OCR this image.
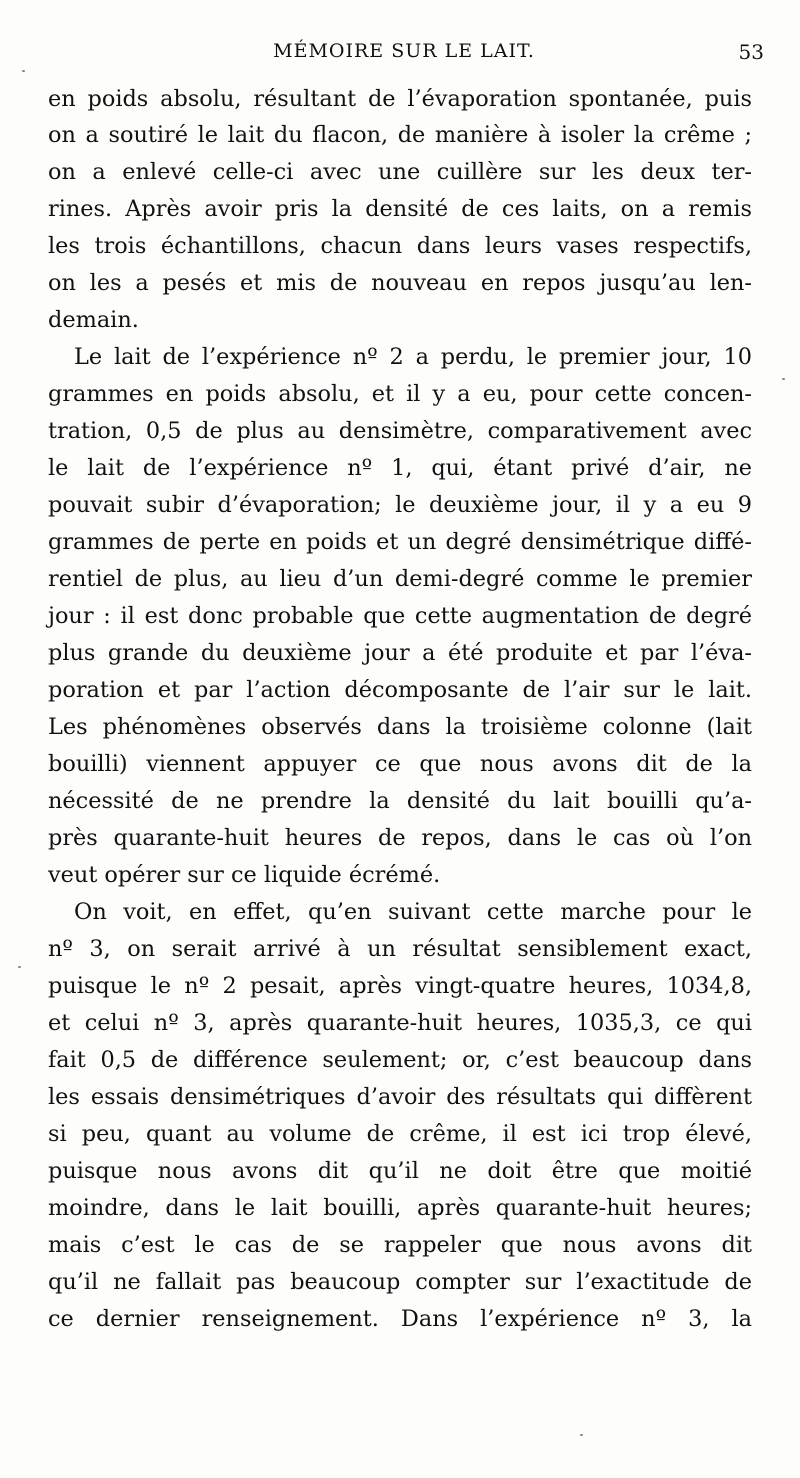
MÉMOIRE SUR LE LAIT.	53
en poids absolu, résultant de l’évaporation spontanée, puis
on a soutiré le lait du flacon, de manière à isoler la crême ;
on a enlevé celle-ci avec une cuillère sur les deux ter-
rines. Après avoir pris la densité de ces laits, on a remis
les trois échantillons, chacun dans leurs vases respectifs,
on les a pesés et mis de nouveau en repos jusqu’au len-
demain.
Le lait de l’expérience nº 2 a perdu, le premier jour, 10
grammes en poids absolu, et il y a eu, pour cette concen-
tration, 0,5 de plus au densimètre, comparativement avec
le lait de l’expérience nº 1, qui, étant privé d’air, ne
pouvait subir d’évaporation; le deuxième jour, il y a eu 9
grammes de perte en poids et un degré densimétrique diffé-
rentiel de plus, au lieu d’un demi-degré comme le premier
jour : il est donc probable que cette augmentation de degré
plus grande du deuxième jour a été produite et par l’éva-
poration et par l’action décomposante de l’air sur le lait.
Les phénomènes observés dans la troisième colonne (lait
bouilli) viennent appuyer ce que nous avons dit de la
nécessité de ne prendre la densité du lait bouilli qu’a-
près quarante-huit heures de repos, dans le cas où l’on
veut opérer sur ce liquide écrémé.
On voit, en effet, qu’en suivant cette marche pour le
nº 3, on serait arrivé à un résultat sensiblement exact,
puisque le nº 2 pesait, après vingt-quatre heures, 1034,8,
et celui nº 3, après quarante-huit heures, 1035,3, ce qui
fait 0,5 de différence seulement; or, c’est beaucoup dans
les essais densimétriques d’avoir des résultats qui diffèrent
si peu, quant au volume de crême, il est ici trop élevé,
puisque nous avons dit qu’il ne doit être que moitié
moindre, dans le lait bouilli, après quarante-huit heures;
mais c’est le cas de se rappeler que nous avons dit
qu’il ne fallait pas beaucoup compter sur l’exactitude de
ce dernier renseignement. Dans l’expérience nº 3, la
